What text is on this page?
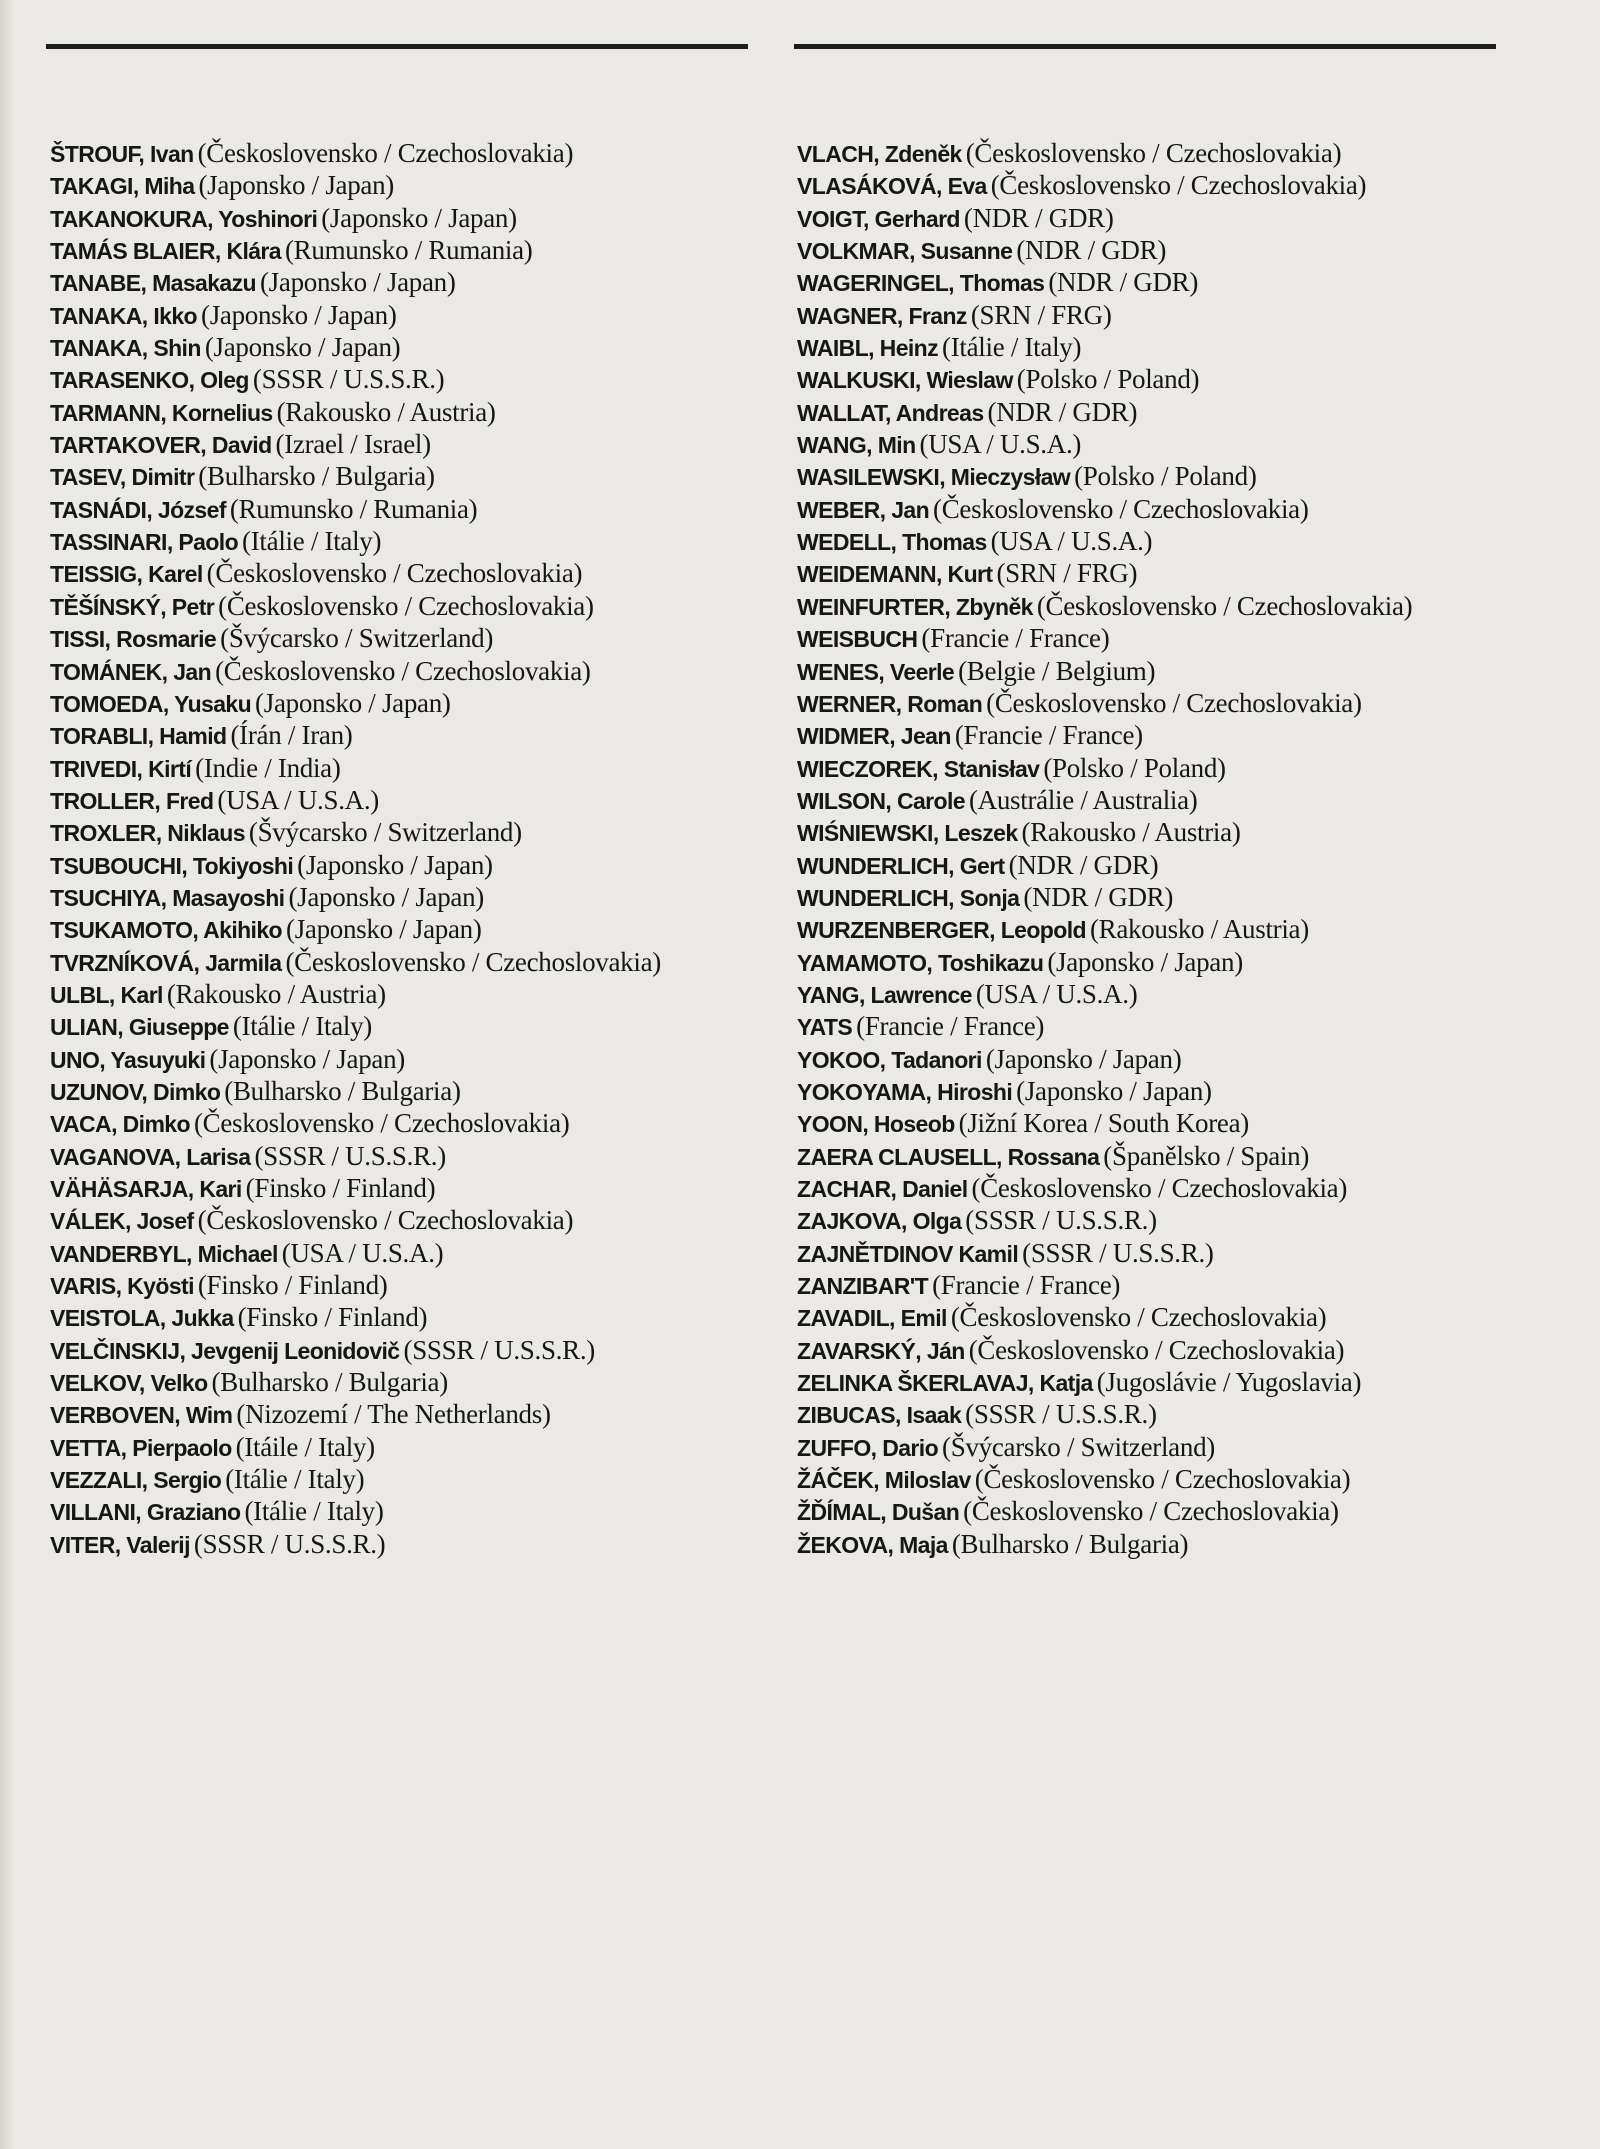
ŠTROUF, Ivan (Československo / Czechoslovakia)
TAKAGI, Miha (Japonsko / Japan)
TAKANOKURA, Yoshinori (Japonsko / Japan)
TAMÁS BLAIER, Klára (Rumunsko / Rumania)
TANABE, Masakazu (Japonsko / Japan)
TANAKA, Ikko (Japonsko / Japan)
TANAKA, Shin (Japonsko / Japan)
TARASENKO, Oleg (SSSR / U.S.S.R.)
TARMANN, Kornelius (Rakousko / Austria)
TARTAKOVER, David (Izrael / Israel)
TASEV, Dimitr (Bulharsko / Bulgaria)
TASNÁDI, József (Rumunsko / Rumania)
TASSINARI, Paolo (Itálie / Italy)
TEISSIG, Karel (Československo / Czechoslovakia)
TĚŠÍNSKÝ, Petr (Československo / Czechoslovakia)
TISSI, Rosmarie (Švýcarsko / Switzerland)
TOMÁNEK, Jan (Československo / Czechoslovakia)
TOMOEDA, Yusaku (Japonsko / Japan)
TORABLI, Hamid (Írán / Iran)
TRIVEDI, Kirtí (Indie / India)
TROLLER, Fred (USA / U.S.A.)
TROXLER, Niklaus (Švýcarsko / Switzerland)
TSUBOUCHI, Tokiyoshi (Japonsko / Japan)
TSUCHIYA, Masayoshi (Japonsko / Japan)
TSUKAMOTO, Akihiko (Japonsko / Japan)
TVRZNÍKOVÁ, Jarmila (Československo / Czechoslovakia)
ULBL, Karl (Rakousko / Austria)
ULIAN, Giuseppe (Itálie / Italy)
UNO, Yasuyuki (Japonsko / Japan)
UZUNOV, Dimko (Bulharsko / Bulgaria)
VACA, Dimko (Československo / Czechoslovakia)
VAGANOVA, Larisa (SSSR / U.S.S.R.)
VÄHÄSARJA, Kari (Finsko / Finland)
VÁLEK, Josef (Československo / Czechoslovakia)
VANDERBYL, Michael (USA / U.S.A.)
VARIS, Kyösti (Finsko / Finland)
VEISTOLA, Jukka (Finsko / Finland)
VELČINSKIJ, Jevgenij Leonidovič (SSSR / U.S.S.R.)
VELKOV, Velko (Bulharsko / Bulgaria)
VERBOVEN, Wim (Nizozemí / The Netherlands)
VETTA, Pierpaolo (Itáile / Italy)
VEZZALI, Sergio (Itálie / Italy)
VILLANI, Graziano (Itálie / Italy)
VITER, Valerij (SSSR / U.S.S.R.)
VLACH, Zdeněk (Československo / Czechoslovakia)
VLASÁKOVÁ, Eva (Československo / Czechoslovakia)
VOIGT, Gerhard (NDR / GDR)
VOLKMAR, Susanne (NDR / GDR)
WAGERINGEL, Thomas (NDR / GDR)
WAGNER, Franz (SRN / FRG)
WAIBL, Heinz (Itálie / Italy)
WALKUSKI, Wieslaw (Polsko / Poland)
WALLAT, Andreas (NDR / GDR)
WANG, Min (USA / U.S.A.)
WASILEWSKI, Mieczysław (Polsko / Poland)
WEBER, Jan (Československo / Czechoslovakia)
WEDELL, Thomas (USA / U.S.A.)
WEIDEMANN, Kurt (SRN / FRG)
WEINFURTER, Zbyněk (Československo / Czechoslovakia)
WEISBUCH (Francie / France)
WENES, Veerle (Belgie / Belgium)
WERNER, Roman (Československo / Czechoslovakia)
WIDMER, Jean (Francie / France)
WIECZOREK, Stanisłav (Polsko / Poland)
WILSON, Carole (Austrálie / Australia)
WIŚNIEWSKI, Leszek (Rakousko / Austria)
WUNDERLICH, Gert (NDR / GDR)
WUNDERLICH, Sonja (NDR / GDR)
WURZENBERGER, Leopold (Rakousko / Austria)
YAMAMOTO, Toshikazu (Japonsko / Japan)
YANG, Lawrence (USA / U.S.A.)
YATS (Francie / France)
YOKOO, Tadanori (Japonsko / Japan)
YOKOYAMA, Hiroshi (Japonsko / Japan)
YOON, Hoseob (Jižní Korea / South Korea)
ZAERA CLAUSELL, Rossana (Španělsko / Spain)
ZACHAR, Daniel (Československo / Czechoslovakia)
ZAJKOVA, Olga (SSSR / U.S.S.R.)
ZAJNĚTDINOV Kamil (SSSR / U.S.S.R.)
ZANZIBAR'T (Francie / France)
ZAVADIL, Emil (Československo / Czechoslovakia)
ZAVARSKÝ, Ján (Československo / Czechoslovakia)
ZELINKA ŠKERLAVAJ, Katja (Jugoslávie / Yugoslavia)
ZIBUCAS, Isaak (SSSR / U.S.S.R.)
ZUFFO, Dario (Švýcarsko / Switzerland)
ŽÁČEK, Miloslav (Československo / Czechoslovakia)
ŽĎÍMAL, Dušan (Československo / Czechoslovakia)
ŽEKOVA, Maja (Bulharsko / Bulgaria)
